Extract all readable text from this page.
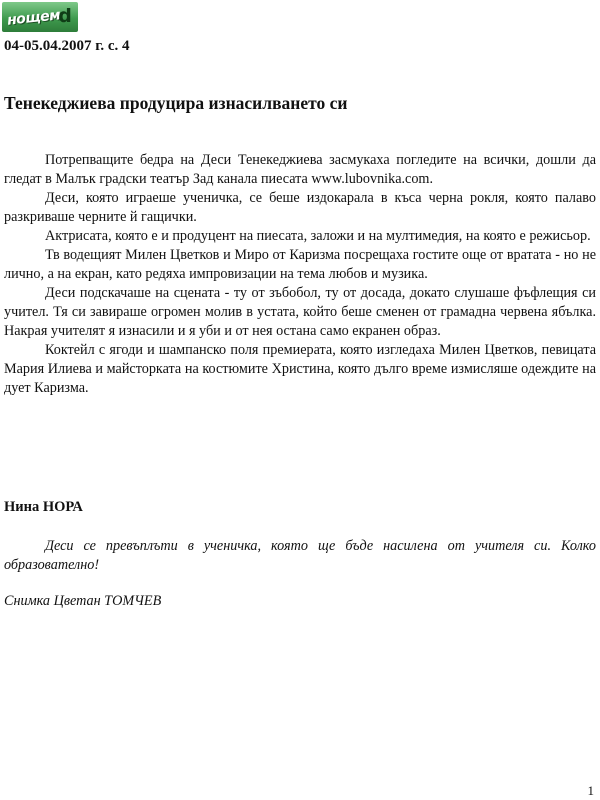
нощем
d
04-05.04.2007 г. с. 4
Тенекеджиева продуцира изнасилването си

Потрепващите бедра на Деси Тенекеджиева засмукаха погледите на всички, дошли да гледат в Малък градски театър Зад канала пиесата www.lubovnika.com.

Деси, която играеше ученичка, се беше издокарала в къса черна рокля, която палаво разкриваше черните й гащички.

Актрисата, която е и продуцент на пиесата, заложи и на мултимедия, на която е режисьор.

Тв водещият Милен Цветков и Миро от Каризма посрещаха гостите още от вратата - но не лично, а на екран, като редяха импровизации на тема любов и музика.

Деси подскачаше на сцената - ту от зъбобол, ту от досада, докато слушаше фъфлещия си учител. Тя си завираше огромен молив в устата, който беше сменен от грамадна червена ябълка. Накрая учителят я изнасили и я уби и от нея остана само екранен образ.

Коктейл с ягоди и шампанско поля премиерата, която изгледаха Милен Цветков, певицата Мария Илиева и майсторката на костюмите Христина, която дълго време измисляше одеждите на дует Каризма.

Нина НОРА

Деси се превъплъти в ученичка, която ще бъде насилена от учителя си. Колко образователно!

Снимка Цветан ТОМЧЕВ
1
